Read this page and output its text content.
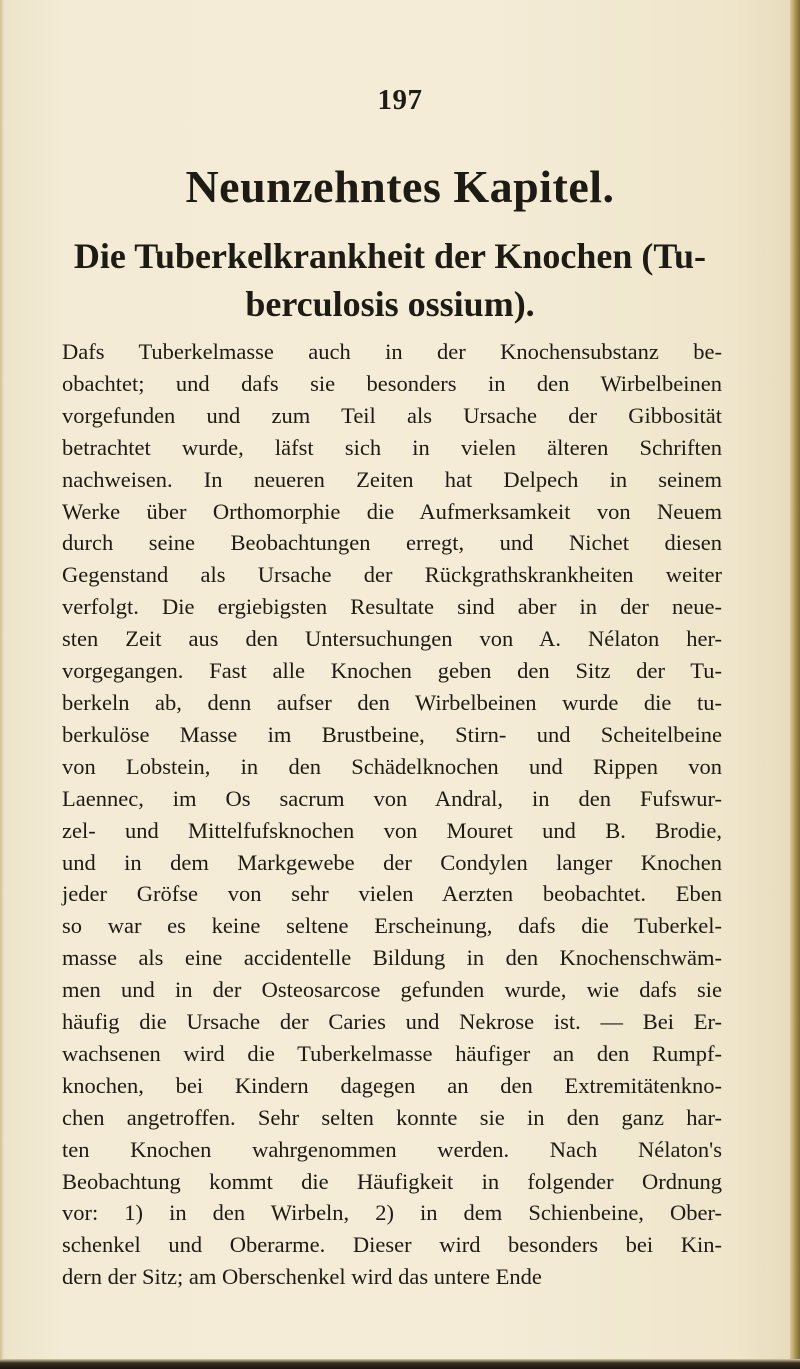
197
Neunzehntes Kapitel.
Die Tuberkelkrankheit der Knochen (Tu-
berculosis ossium).
Dafs Tuberkelmasse auch in der Knochensubstanz be-
obachtet; und dafs sie besonders in den Wirbelbeinen
vorgefunden und zum Teil als Ursache der Gibbosität
betrachtet wurde, läfst sich in vielen älteren Schriften
nachweisen. In neueren Zeiten hat Delpech in seinem
Werke über Orthomorphie die Aufmerksamkeit von Neuem
durch seine Beobachtungen erregt, und Nichet diesen
Gegenstand als Ursache der Rückgrathskrankheiten weiter
verfolgt. Die ergiebigsten Resultate sind aber in der neue-
sten Zeit aus den Untersuchungen von A. Nélaton her-
vorgegangen. Fast alle Knochen geben den Sitz der Tu-
berkeln ab, denn aufser den Wirbelbeinen wurde die tu-
berkulöse Masse im Brustbeine, Stirn- und Scheitelbeine
von Lobstein, in den Schädelknochen und Rippen von
Laennec, im Os sacrum von Andral, in den Fufswur-
zel- und Mittelfufsknochen von Mouret und B. Brodie,
und in dem Markgewebe der Condylen langer Knochen
jeder Gröfse von sehr vielen Aerzten beobachtet. Eben
so war es keine seltene Erscheinung, dafs die Tuberkel-
masse als eine accidentelle Bildung in den Knochenschwäm-
men und in der Osteosarcose gefunden wurde, wie dafs sie
häufig die Ursache der Caries und Nekrose ist. — Bei Er-
wachsenen wird die Tuberkelmasse häufiger an den Rumpf-
knochen, bei Kindern dagegen an den Extremitätenkno-
chen angetroffen. Sehr selten konnte sie in den ganz har-
ten Knochen wahrgenommen werden. Nach Nélaton's
Beobachtung kommt die Häufigkeit in folgender Ordnung
vor: 1) in den Wirbeln, 2) in dem Schienbeine, Ober-
schenkel und Oberarme. Dieser wird besonders bei Kin-
dern der Sitz; am Oberschenkel wird das untere Ende
